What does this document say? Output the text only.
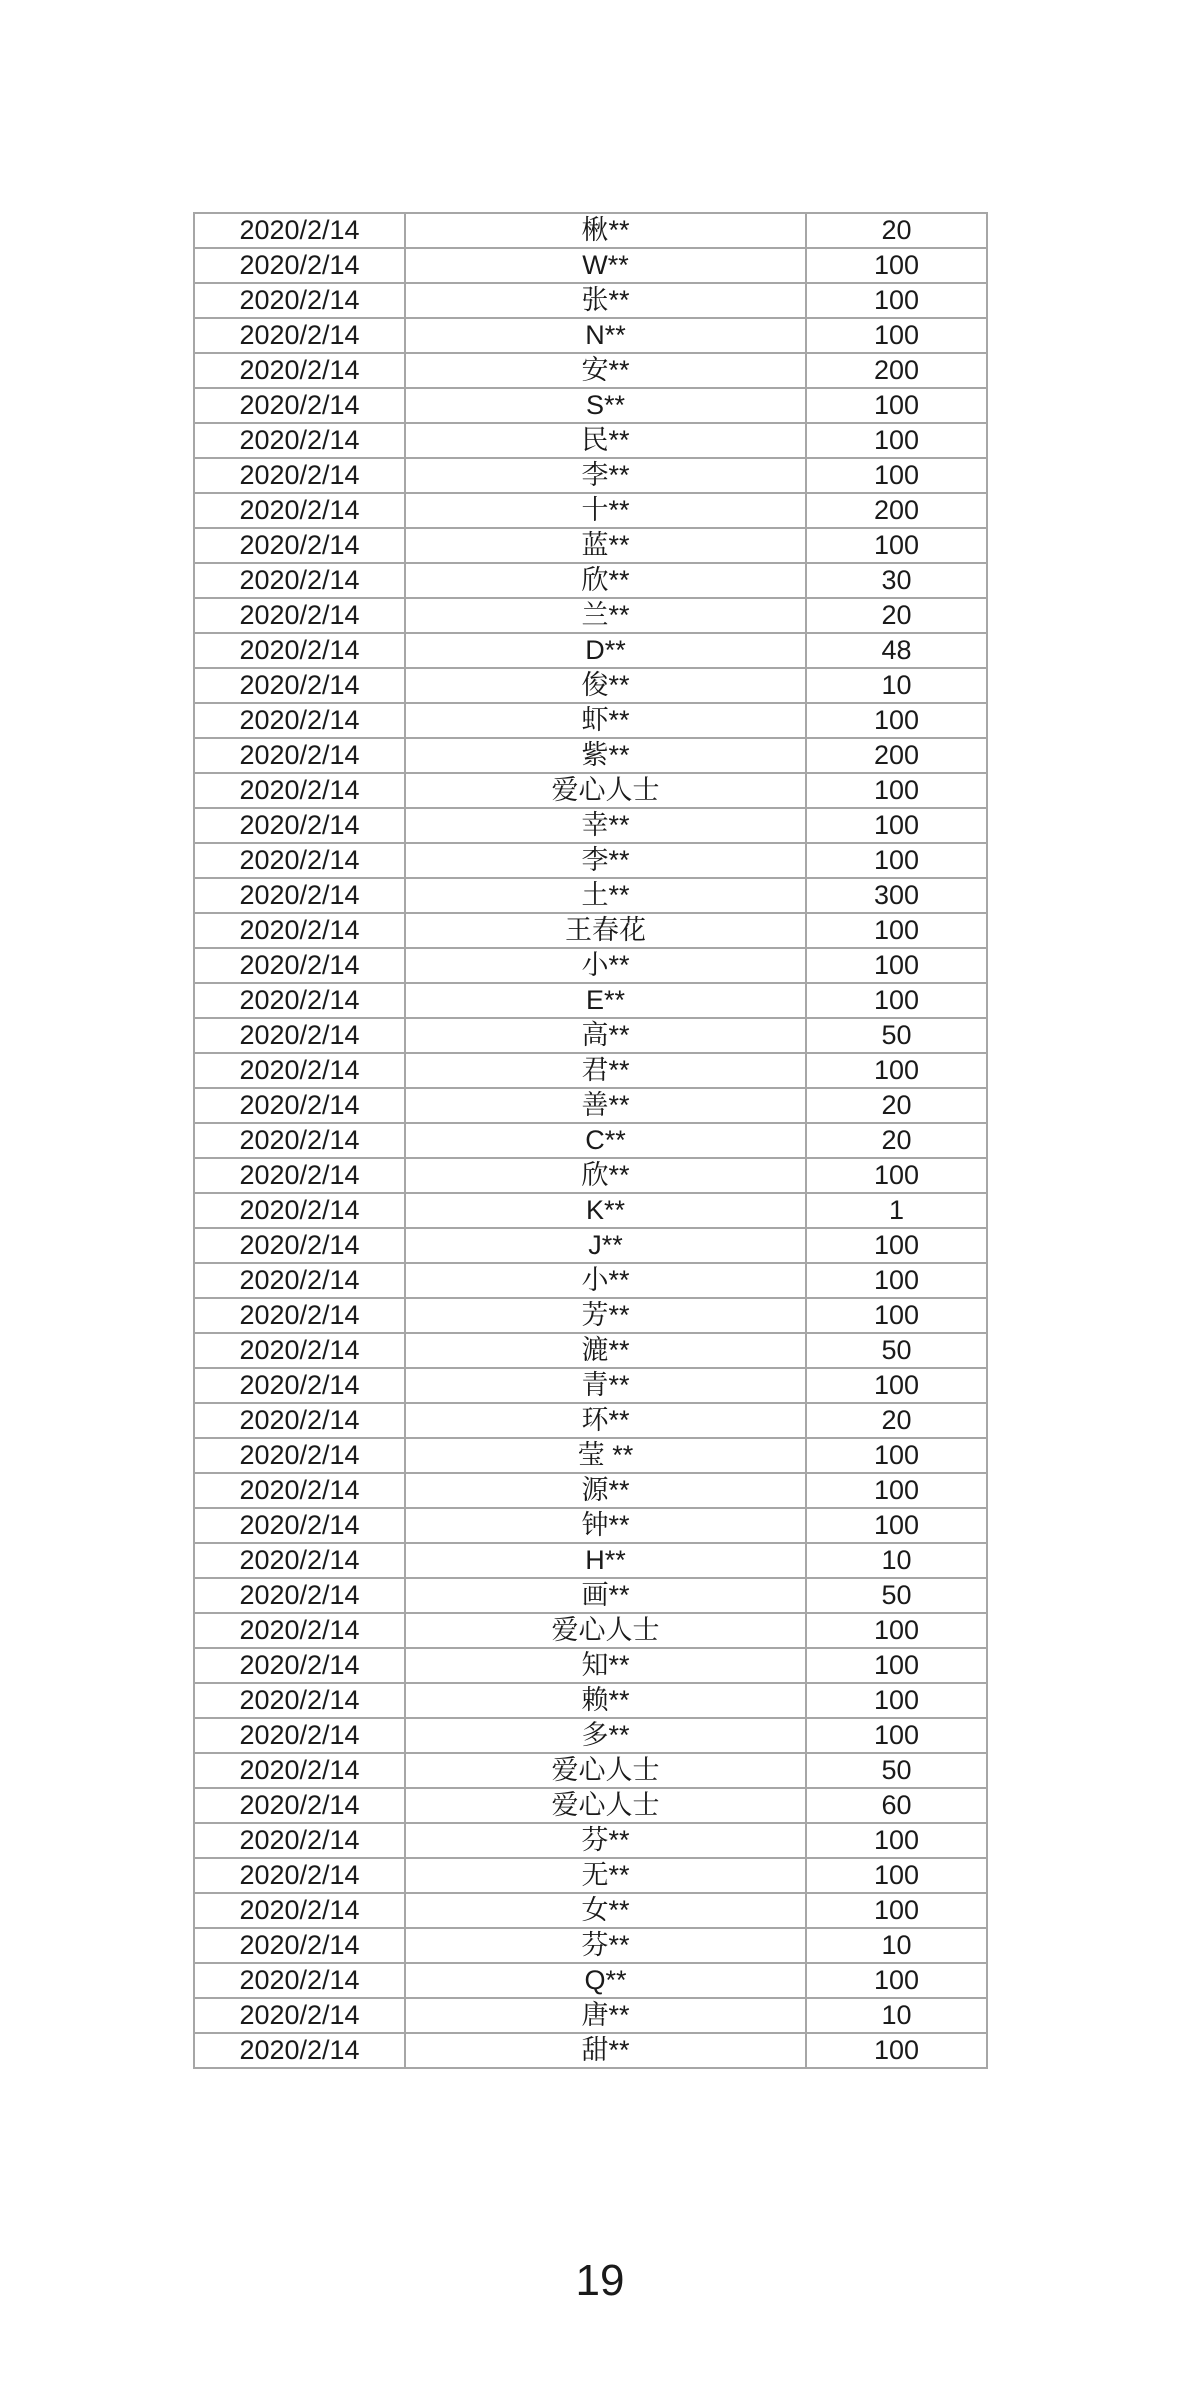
2020/2/14	楸**	20
2020/2/14	W**	100
2020/2/14	张**	100
2020/2/14	N**	100
2020/2/14	安**	200
2020/2/14	S**	100
2020/2/14	民**	100
2020/2/14	李**	100
2020/2/14	十**	200
2020/2/14	蓝**	100
2020/2/14	欣**	30
2020/2/14	兰**	20
2020/2/14	D**	48
2020/2/14	俊**	10
2020/2/14	虾**	100
2020/2/14	紫**	200
2020/2/14	爱心人士	100
2020/2/14	幸**	100
2020/2/14	李**	100
2020/2/14	土**	300
2020/2/14	王春花	100
2020/2/14	小**	100
2020/2/14	E**	100
2020/2/14	高**	50
2020/2/14	君**	100
2020/2/14	善**	20
2020/2/14	C**	20
2020/2/14	欣**	100
2020/2/14	K**	1
2020/2/14	J**	100
2020/2/14	小**	100
2020/2/14	芳**	100
2020/2/14	漉**	50
2020/2/14	青**	100
2020/2/14	环**	20
2020/2/14	莹 **	100
2020/2/14	源**	100
2020/2/14	钟**	100
2020/2/14	H**	10
2020/2/14	画**	50
2020/2/14	爱心人士	100
2020/2/14	知**	100
2020/2/14	赖**	100
2020/2/14	多**	100
2020/2/14	爱心人士	50
2020/2/14	爱心人士	60
2020/2/14	芬**	100
2020/2/14	无**	100
2020/2/14	女**	100
2020/2/14	芬**	10
2020/2/14	Q**	100
2020/2/14	唐**	10
2020/2/14	甜**	100
19
